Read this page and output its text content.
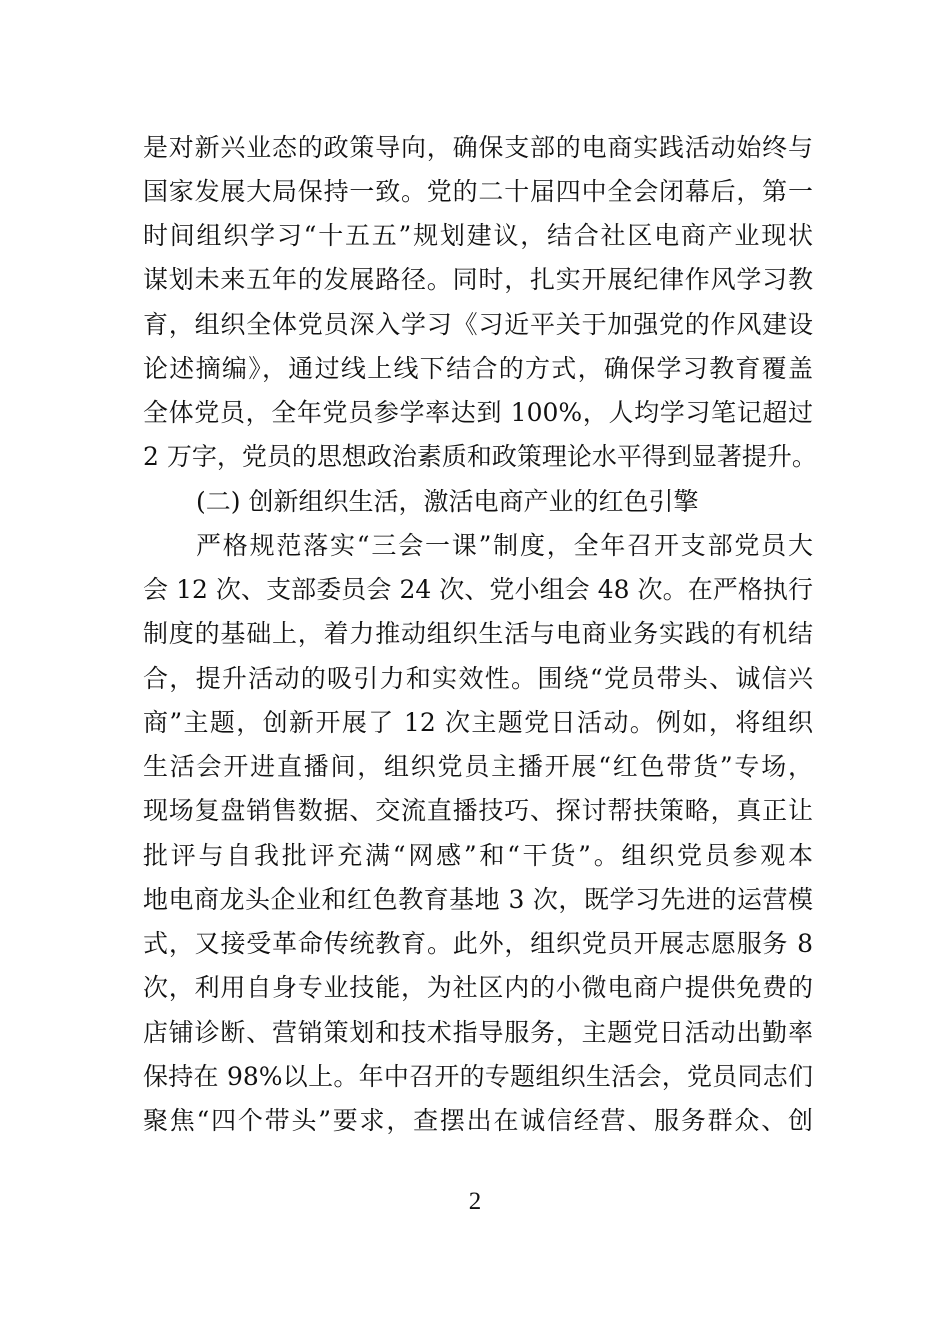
是对新兴业态的政策导向，确保支部的电商实践活动始终与
国家发展大局保持一致。党的二十届四中全会闭幕后，第一
时间组织学习“十五五”规划建议，结合社区电商产业现状
谋划未来五年的发展路径。同时，扎实开展纪律作风学习教
育，组织全体党员深入学习《习近平关于加强党的作风建设
论述摘编》，通过线上线下结合的方式，确保学习教育覆盖
全体党员，全年党员参学率达到 100%，人均学习笔记超过
2 万字，党员的思想政治素质和政策理论水平得到显著提升。
(二) 创新组织生活，激活电商产业的红色引擎
严格规范落实“三会一课”制度，全年召开支部党员大
会 12 次、支部委员会 24 次、党小组会 48 次。在严格执行
制度的基础上，着力推动组织生活与电商业务实践的有机结
合，提升活动的吸引力和实效性。围绕“党员带头、诚信兴
商”主题，创新开展了 12 次主题党日活动。例如，将组织
生活会开进直播间，组织党员主播开展“红色带货”专场，
现场复盘销售数据、交流直播技巧、探讨帮扶策略，真正让
批评与自我批评充满“网感”和“干货”。组织党员参观本
地电商龙头企业和红色教育基地 3 次，既学习先进的运营模
式，又接受革命传统教育。此外，组织党员开展志愿服务 8
次，利用自身专业技能，为社区内的小微电商户提供免费的
店铺诊断、营销策划和技术指导服务，主题党日活动出勤率
保持在 98%以上。年中召开的专题组织生活会，党员同志们
聚焦“四个带头”要求，查摆出在诚信经营、服务群众、创
2
